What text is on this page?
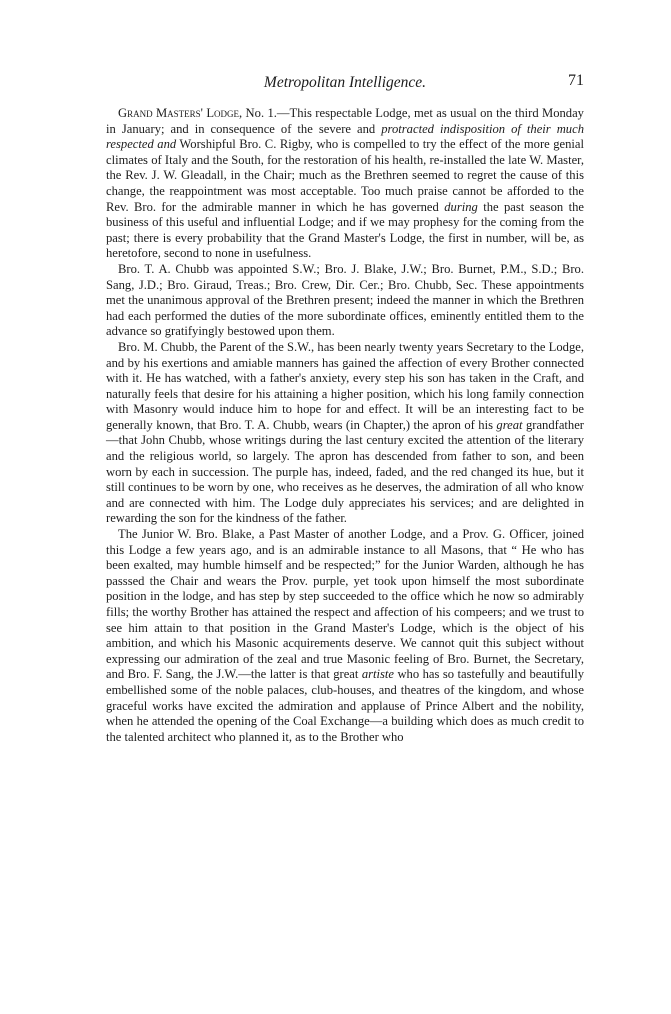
Metropolitan Intelligence.	71

Grand Masters' Lodge, No. 1.—This respectable Lodge, met as usual on the third Monday in January; and in consequence of the severe and protracted indisposition of their much respected and Worshipful Bro. C. Rigby, who is compelled to try the effect of the more genial climates of Italy and the South, for the restoration of his health, re-installed the late W. Master, the Rev. J. W. Gleadall, in the Chair; much as the Brethren seemed to regret the cause of this change, the reappointment was most acceptable. Too much praise cannot be afforded to the Rev. Bro. for the admirable manner in which he has governed during the past season the business of this useful and influential Lodge; and if we may prophesy for the coming from the past; there is every probability that the Grand Master's Lodge, the first in number, will be, as heretofore, second to none in usefulness.

Bro. T. A. Chubb was appointed S.W.; Bro. J. Blake, J.W.; Bro. Burnet, P.M., S.D.; Bro. Sang, J.D.; Bro. Giraud, Treas.; Bro. Crew, Dir. Cer.; Bro. Chubb, Sec. These appointments met the unanimous approval of the Brethren present; indeed the manner in which the Brethren had each performed the duties of the more subordinate offices, eminently entitled them to the advance so gratifyingly bestowed upon them.

Bro. M. Chubb, the Parent of the S.W., has been nearly twenty years Secretary to the Lodge, and by his exertions and amiable manners has gained the affection of every Brother connected with it. He has watched, with a father's anxiety, every step his son has taken in the Craft, and naturally feels that desire for his attaining a higher position, which his long family connection with Masonry would induce him to hope for and effect. It will be an interesting fact to be generally known, that Bro. T. A. Chubb, wears (in Chapter,) the apron of his great grandfather—that John Chubb, whose writings during the last century excited the attention of the literary and the religious world, so largely. The apron has descended from father to son, and been worn by each in succession. The purple has, indeed, faded, and the red changed its hue, but it still continues to be worn by one, who receives as he deserves, the admiration of all who know and are connected with him. The Lodge duly appreciates his services; and are delighted in rewarding the son for the kindness of the father.

The Junior W. Bro. Blake, a Past Master of another Lodge, and a Prov. G. Officer, joined this Lodge a few years ago, and is an admirable instance to all Masons, that “ He who has been exalted, may humble himself and be respected;” for the Junior Warden, although he has passsed the Chair and wears the Prov. purple, yet took upon himself the most subordinate position in the lodge, and has step by step succeeded to the office which he now so admirably fills; the worthy Brother has attained the respect and affection of his compeers; and we trust to see him attain to that position in the Grand Master's Lodge, which is the object of his ambition, and which his Masonic acquirements deserve. We cannot quit this subject without expressing our admiration of the zeal and true Masonic feeling of Bro. Burnet, the Secretary, and Bro. F. Sang, the J.W.—the latter is that great artiste who has so tastefully and beautifully embellished some of the noble palaces, club-houses, and theatres of the kingdom, and whose graceful works have excited the admiration and applause of Prince Albert and the nobility, when he attended the opening of the Coal Exchange—a building which does as much credit to the talented architect who planned it, as to the Brother who
